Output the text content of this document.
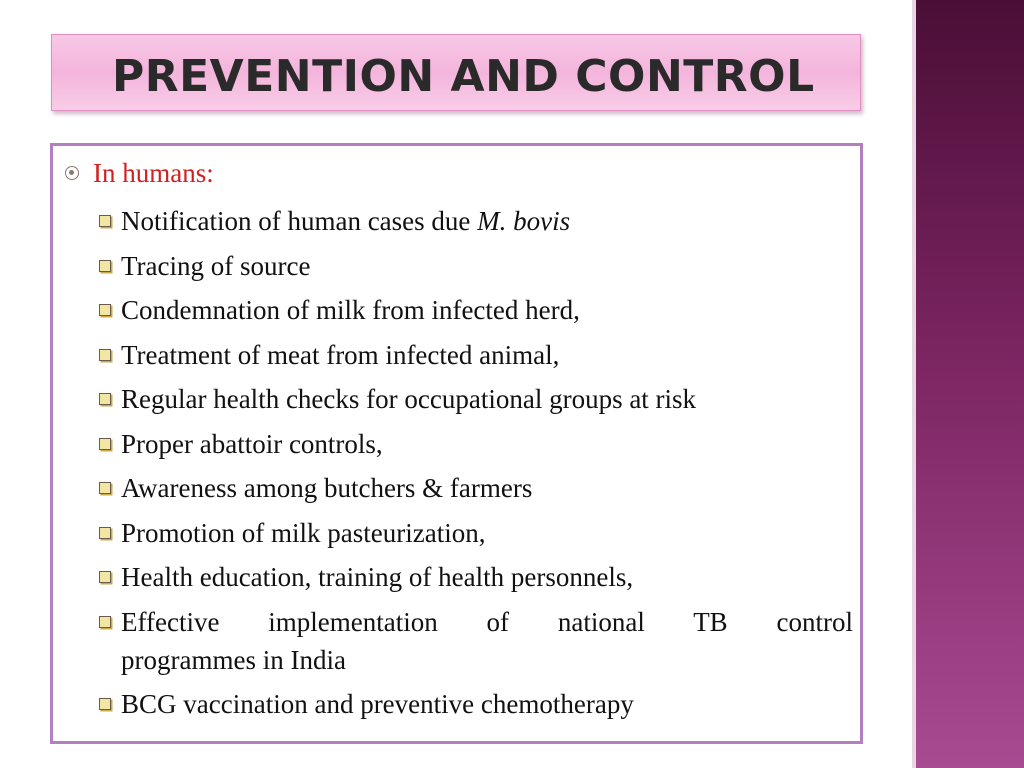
PREVENTION AND CONTROL
In humans:
Notification of human cases due M. bovis
Tracing of source
Condemnation of milk from infected herd,
Treatment of meat from infected animal,
Regular health checks for occupational groups at risk
Proper abattoir controls,
Awareness among butchers & farmers
Promotion of milk pasteurization,
Health education, training of health personnels,
Effective implementation of national TB control
programmes in India
BCG vaccination and preventive chemotherapy
